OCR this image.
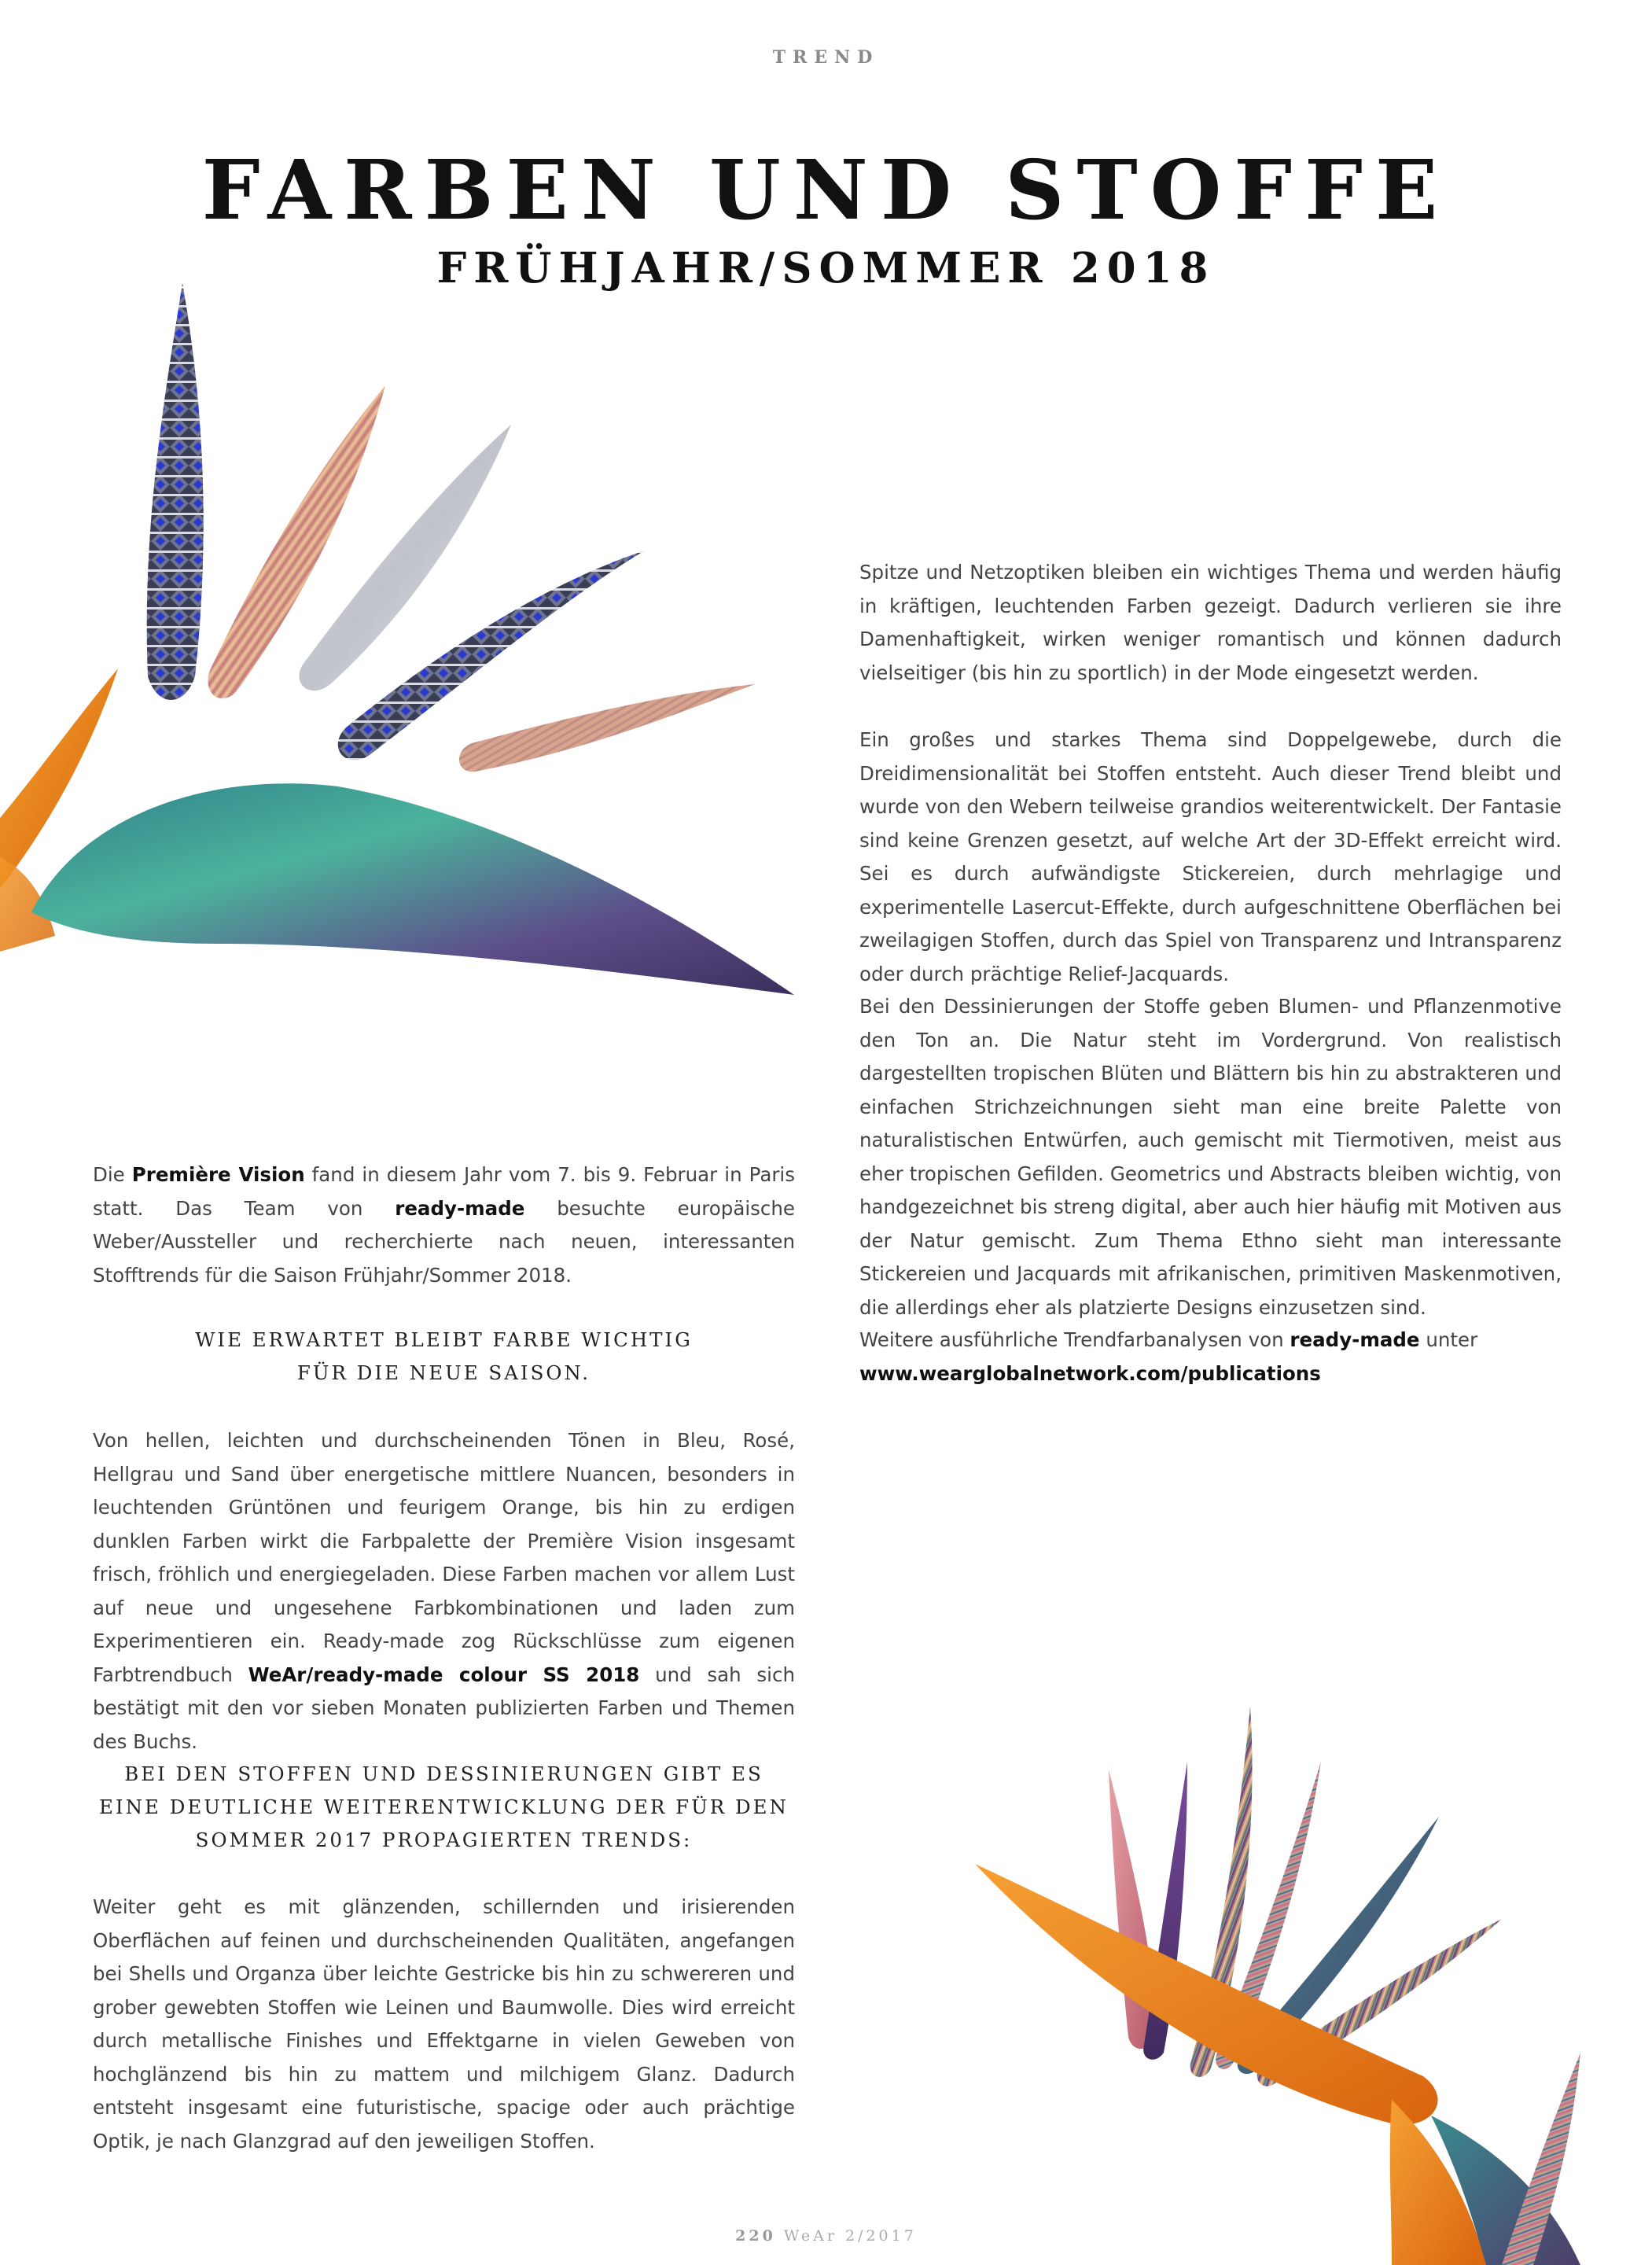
TREND
FARBEN UND STOFFE
FRÜHJAHR/SOMMER 2018

Die Première Vision fand in diesem Jahr vom 7. bis 9. Februar in Paris statt. Das Team von ready-made besuchte europäische Weber/Aussteller und recherchierte nach neuen, interessanten Stofftrends für die Saison Frühjahr/Sommer 2018.

WIE ERWARTET BLEIBT FARBE WICHTIG
FÜR DIE NEUE SAISON.

Von hellen, leichten und durchscheinenden Tönen in Bleu, Rosé, Hellgrau und Sand über energetische mittlere Nuancen, besonders in leuchtenden Grüntönen und feurigem Orange, bis hin zu erdigen dunklen Farben wirkt die Farbpalette der Première Vision insgesamt frisch, fröhlich und energiegeladen. Diese Farben machen vor allem Lust auf neue und ungesehene Farbkombinationen und laden zum Experimentieren ein. Ready-made zog Rückschlüsse zum eigenen Farbtrendbuch WeAr/ready-made colour SS 2018 und sah sich bestätigt mit den vor sieben Monaten publizierten Farben und Themen des Buchs.

BEI DEN STOFFEN UND DESSINIERUNGEN GIBT ES
EINE DEUTLICHE WEITERENTWICKLUNG DER FÜR DEN
SOMMER 2017 PROPAGIERTEN TRENDS:

Weiter geht es mit glänzenden, schillernden und irisierenden Oberflächen auf feinen und durchscheinenden Qualitäten, angefangen bei Shells und Organza über leichte Gestricke bis hin zu schwereren und grober gewebten Stoffen wie Leinen und Baumwolle. Dies wird erreicht durch metallische Finishes und Effektgarne in vielen Geweben von hochglänzend bis hin zu mattem und milchigem Glanz. Dadurch entsteht insgesamt eine futuristische, spacige oder auch prächtige Optik, je nach Glanzgrad auf den jeweiligen Stoffen.

Spitze und Netzoptiken bleiben ein wichtiges Thema und werden häufig in kräftigen, leuchtenden Farben gezeigt. Dadurch verlieren sie ihre Damenhaftigkeit, wirken weniger romantisch und können dadurch vielseitiger (bis hin zu sportlich) in der Mode eingesetzt werden.

Ein großes und starkes Thema sind Doppelgewebe, durch die Dreidimensionalität bei Stoffen entsteht. Auch dieser Trend bleibt und wurde von den Webern teilweise grandios weiterentwickelt. Der Fantasie sind keine Grenzen gesetzt, auf welche Art der 3D-Effekt erreicht wird. Sei es durch aufwändigste Stickereien, durch mehrlagige und experimentelle Lasercut-Effekte, durch aufgeschnittene Oberflächen bei zweilagigen Stoffen, durch das Spiel von Transparenz und Intransparenz oder durch prächtige Relief-Jacquards.

Bei den Dessinierungen der Stoffe geben Blumen- und Pflanzenmotive den Ton an. Die Natur steht im Vordergrund. Von realistisch dargestellten tropischen Blüten und Blättern bis hin zu abstrakteren und einfachen Strichzeichnungen sieht man eine breite Palette von naturalistischen Entwürfen, auch gemischt mit Tiermotiven, meist aus eher tropischen Gefilden. Geometrics und Abstracts bleiben wichtig, von handgezeichnet bis streng digital, aber auch hier häufig mit Motiven aus der Natur gemischt. Zum Thema Ethno sieht man interessante Stickereien und Jacquards mit afrikanischen, primitiven Maskenmotiven, die allerdings eher als platzierte Designs einzusetzen sind.

Weitere ausführliche Trendfarbanalysen von ready-made unter

www.wearglobalnetwork.com/publications

220 WeAr 2/2017
